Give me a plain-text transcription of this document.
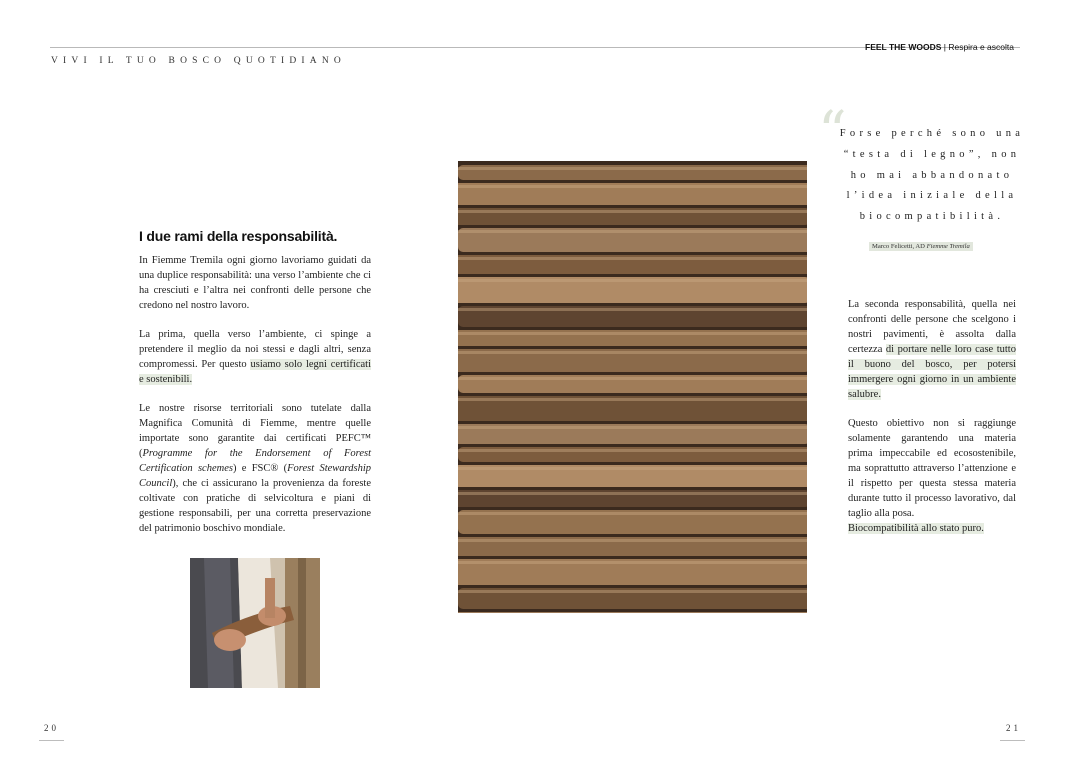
VIVI IL TUO BOSCO QUOTIDIANO
FEEL THE WOODS | Respira e ascolta
I due rami della responsabilità.

In Fiemme Tremila ogni giorno lavoriamo guidati da una duplice responsabilità: una verso l’ambiente che ci ha cresciuti e l’altra nei confronti delle persone che credono nel nostro lavoro.

La prima, quella verso l’ambiente, ci spinge a pretendere il meglio da noi stessi e dagli altri, senza compromessi. Per questo usiamo solo legni certificati e sostenibili.

Le nostre risorse territoriali sono tutelate dalla Magnifica Comunità di Fiemme, mentre quelle importate sono garantite dai certificati PEFC™ (Programme for the Endorsement of Forest Certification schemes) e FSC® (Forest Stewardship Council), che ci assicurano la provenienza da foreste coltivate con pratiche di selvicoltura e piani di gestione responsabili, per una corretta preservazione del patrimonio boschivo mondiale.

“
Forse perché sono una “testa di legno”, non ho mai abbandonato l’idea iniziale della biocompatibilità.
Marco Felicetti, AD Fiemme Tremila

La seconda responsabilità, quella nei confronti delle persone che scelgono i nostri pavimenti, è assolta dalla certezza di portare nelle loro case tutto il buono del bosco, per potersi immergere ogni giorno in un ambiente salubre.

Questo obiettivo non si raggiunge solamente garantendo una materia prima impeccabile ed ecosostenibile, ma soprattutto attraverso l’attenzione e il rispetto per questa stessa materia durante tutto il processo lavorativo, dal taglio alla posa.
Biocompatibilità allo stato puro.

20	21
